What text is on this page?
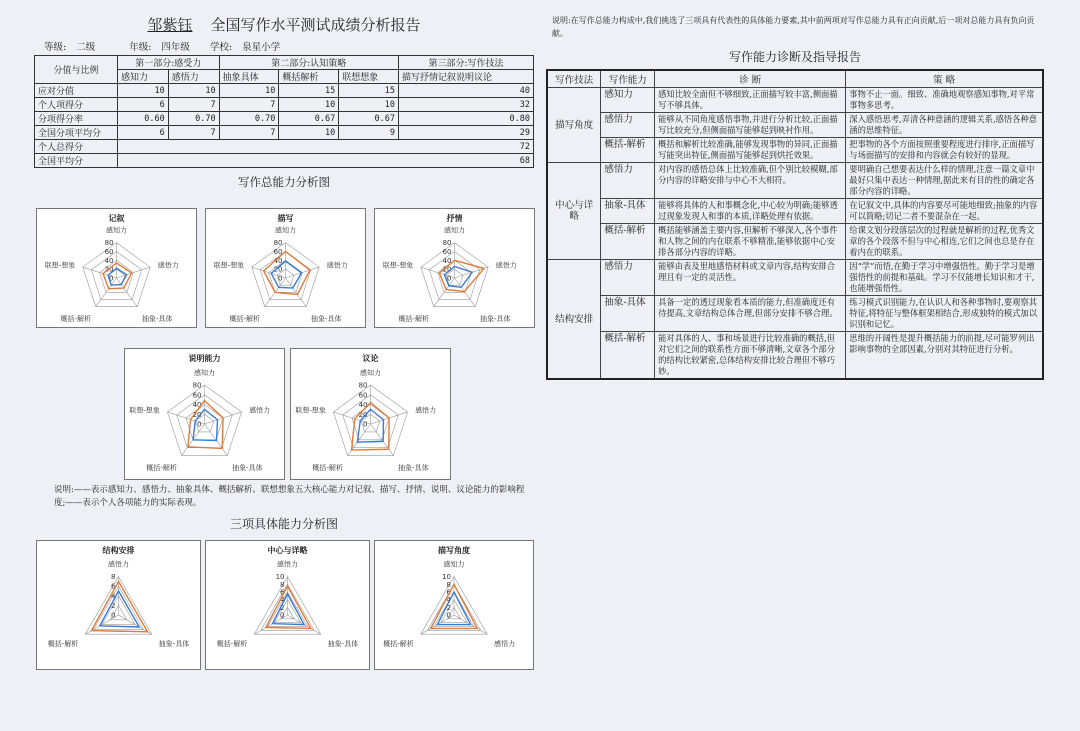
邹紫钰 全国写作水平测试成绩分析报告
等级: 二级	年级: 四年级 学校: 泉星小学
分值与比例	第一部分:感受力		第二部分:认知策略			第三部分:写作技法
	感知力	感悟力	抽象具体	概括解析	联想想象	描写抒情记叙说明议论
应对分值	10	10	10	15	15	40
个人项得分	6	7	7	10	10	32
分项得分率	0.60	0.70	0.70	0.67	0.67	0.80
全国分项平均分	6	7	7	10	9	29
个人总得分	72					
全国平均分	68					
写作总能力分析图
记叙
0
20
40
60
80
感知力
感悟力
抽象-具体
概括-解析
联想-想象
描写
0
20
40
60
80
感知力
感悟力
抽象-具体
概括-解析
联想-想象
抒情
0
20
40
60
80
感知力
感悟力
抽象-具体
概括-解析
联想-想象
说明能力
0
20
40
60
80
感知力
感悟力
抽象-具体
概括-解析
联想-想象
议论
0
20
40
60
80
感知力
感悟力
抽象-具体
概括-解析
联想-想象
说明:——表示感知力、感悟力、抽象具体、概括解析、联想想象五大核心能力对记叙、描写、抒情、说明、议论能力的影响程度;——表示个人各项能力的实际表现。
三项具体能力分析图
结构安排
0
2
4
6
8
感悟力
抽象-具体
概括-解析
中心与详略
0
2
4
6
8
10
感悟力
抽象-具体
概括-解析
描写角度
0
2
4
6
8
10
感知力
感悟力
概括-解析
说明:在写作总能力构成中,我们挑选了三项具有代表性的具体能力要素,其中前两项对写作总能力具有正向贡献,后一项对总能力具有负向贡献。
写作能力诊断及指导报告
写作技法	写作能力	诊 断	策 略
描写角度	感知力	感知比较全面但不够细致,正面描写较丰富,侧面描写不够具体。	事物不止一面。细致、准确地观察感知事物,对平常事物多思考。
	感悟力	能够从不同角度感悟事物,并进行分析比较,正面描写比较充分,但侧面描写能够起到映衬作用。	深入感悟思考,弄清各种意涵的逻辑关系,感悟各种意涵的思维特征。
	概括-解析	概括和解析比较准确,能够发现事物的异同,正面描写能突出特征,侧面描写能够起到烘托效果。	把事物的各个方面按照重要程度进行排序,正面描写与场面描写的安排和内容就会有较好的显现。
中心与详略	感悟力	对内容的感悟总体上比较准确,但个别比较模糊,部分内容的详略安排与中心不大相符。	要明确自己想要表达什么样的情理,注意一篇文章中最好只集中表达一种情理,据此来有目的性的确定各部分内容的详略。
	抽象-具体	能够将具体的人和事概念化,中心较为明确;能够透过现象发现人和事的本质,详略处理有依据。	在记叙文中,具体的内容要尽可能地细致;抽象的内容可以简略;切记二者不要混杂在一起。
	概括-解析	概括能够涵盖主要内容,但解析不够深入,各个事件和人物之间的内在联系不够精准,能够依据中心安排各部分内容的详略。	给课文划分段落层次的过程就是解析的过程,优秀文章的各个段落不但与中心相连,它们之间也总是存在着内在的联系。
结构安排	感悟力	能够由表及里地感悟材料或文章内容,结构安排合理且有一定的灵活性。	因“学”而悟,在勤于学习中增强悟性。勤于学习是增强悟性的前提和基础。学习不仅能增长知识和才干,也能增强悟性。
	抽象-具体	具备一定的透过现象看本质的能力,但准确度还有待提高,文章结构总体合理,但部分安排不够合理。	练习模式识别能力,在认识人和各种事物时,要观察其特征,将特征与整体框架相结合,形成独特的模式加以识别和记忆。
	概括-解析	能对具体的人、事和场景进行比较准确的概括,但对它们之间的联系性方面不够清晰,文章各个部分的结构比较紧密,总体结构安排比较合理但不够巧妙。	思维的开阔性是提升概括能力的前提,尽可能罗列出影响事物的全部因素,分别对其特征进行分析。
